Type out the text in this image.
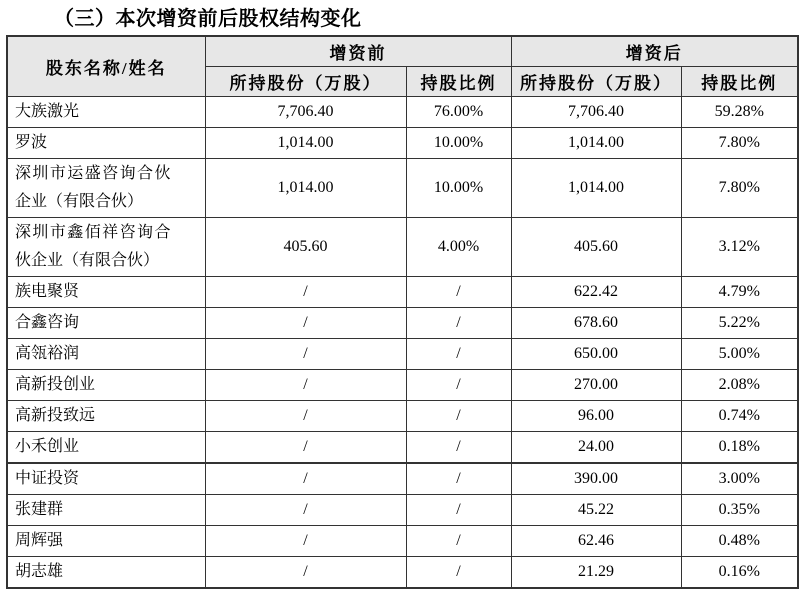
（三）本次增资前后股权结构变化
股东名称/姓名	增资前		增资后	
	所持股份（万股）	持股比例	所持股份（万股）	持股比例
大族激光	7,706.40	76.00%	7,706.40	59.28%
罗波	1,014.00	10.00%	1,014.00	7.80%
深圳市运盛咨询合伙企业（有限合伙）	1,014.00	10.00%	1,014.00	7.80%
深圳市鑫佰祥咨询合伙企业（有限合伙）	405.60	4.00%	405.60	3.12%
族电聚贤	/	/	622.42	4.79%
合鑫咨询	/	/	678.60	5.22%
高瓴裕润	/	/	650.00	5.00%
高新投创业	/	/	270.00	2.08%
高新投致远	/	/	96.00	0.74%
小禾创业	/	/	24.00	0.18%
中证投资	/	/	390.00	3.00%
张建群	/	/	45.22	0.35%
周辉强	/	/	62.46	0.48%
胡志雄	/	/	21.29	0.16%
